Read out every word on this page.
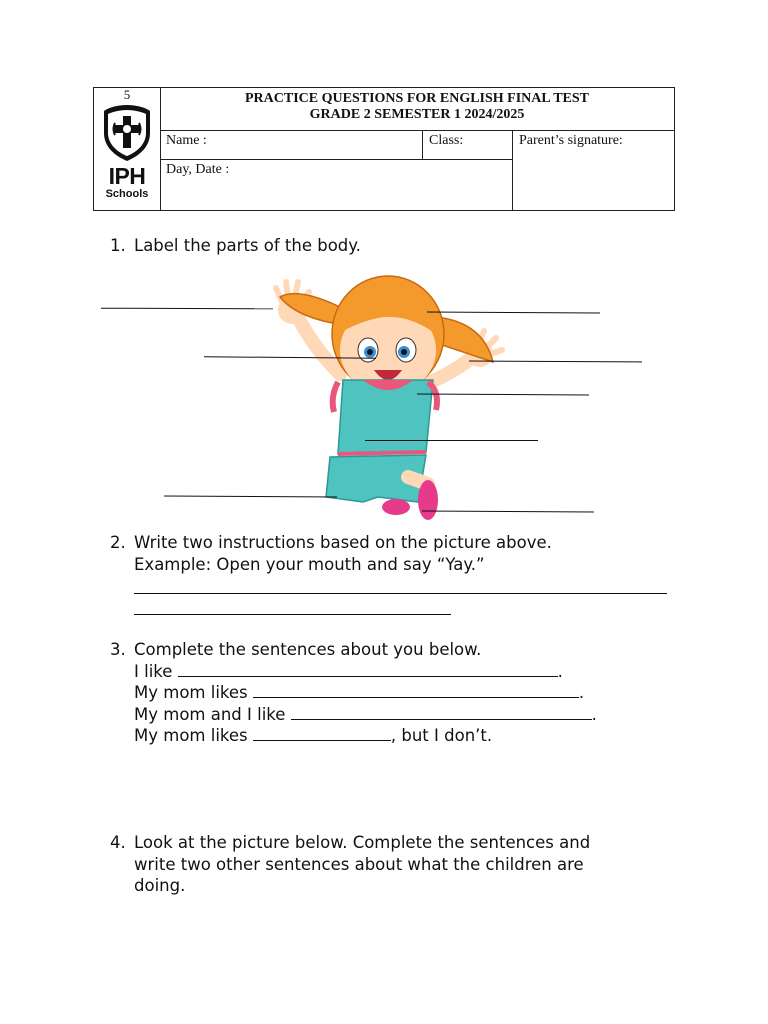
5
IPH
Schools
PRACTICE QUESTIONS FOR ENGLISH FINAL TEST
GRADE 2 SEMESTER 1 2024/2025
Name :	Class:	Parent’s signature:
Day, Date :
1. Label the parts of the body.
2. Write two instructions based on the picture above.
Example: Open your mouth and say “Yay.”
3. Complete the sentences about you below.
I like	.
My mom likes	.
My mom and I like	.
My mom likes	, but I don’t.
4. Look at the picture below. Complete the sentences and
write two other sentences about what the children are
doing.
